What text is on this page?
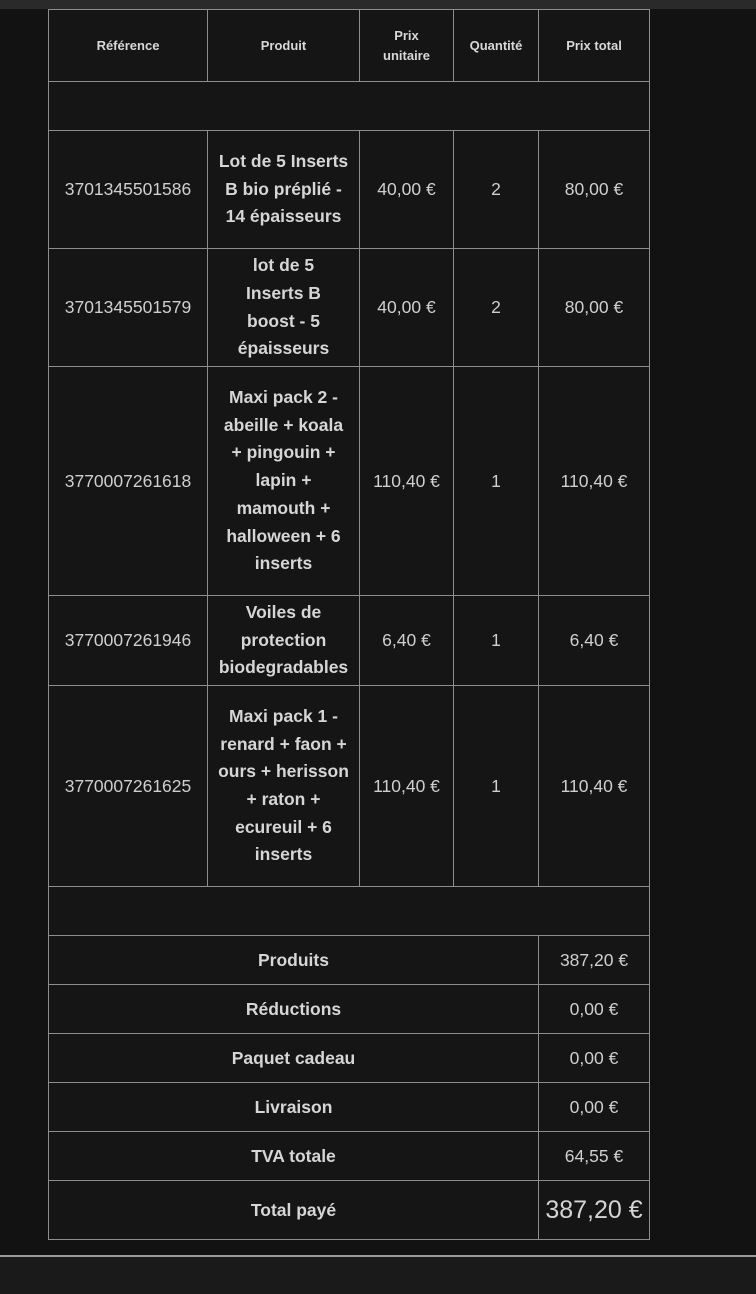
Référence	Produit	Prix unitaire	Quantité	Prix total

3701345501586	Lot de 5 Inserts B bio préplié - 14 épaisseurs	40,00 €	2	80,00 €
3701345501579	lot de 5 Inserts B boost - 5 épaisseurs	40,00 €	2	80,00 €
3770007261618	Maxi pack 2 - abeille + koala + pingouin + lapin + mamouth + halloween + 6 inserts	110,40 €	1	110,40 €
3770007261946	Voiles de protection biodegradables	6,40 €	1	6,40 €
3770007261625	Maxi pack 1 - renard + faon + ours + herisson + raton + ecureuil + 6 inserts	110,40 €	1	110,40 €

Produits				387,20 €
Réductions				0,00 €
Paquet cadeau				0,00 €
Livraison				0,00 €
TVA totale				64,55 €
Total payé				387,20 €
